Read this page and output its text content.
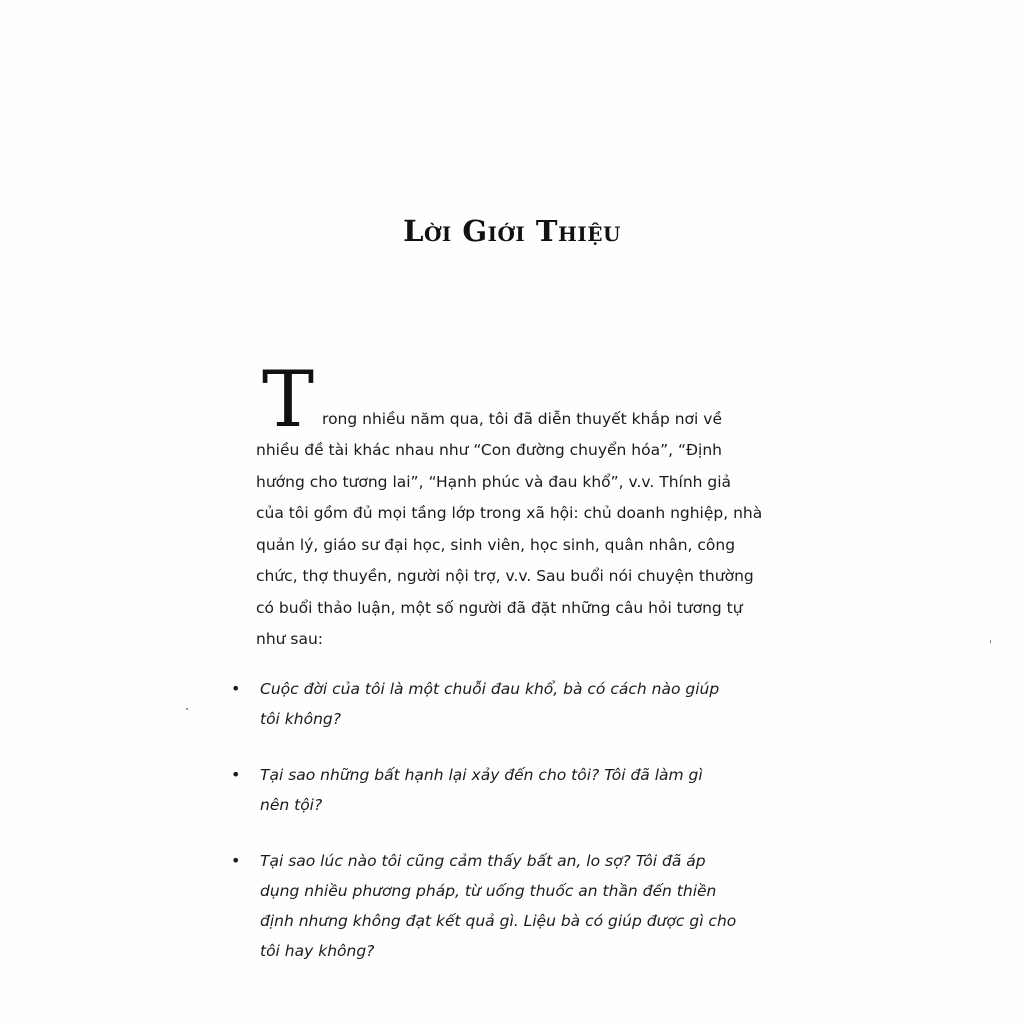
Lời Giới Thiệu

T rong nhiều năm qua, tôi đã diễn thuyết khắp nơi về
nhiều đề tài khác nhau như “Con đường chuyển hóa”, “Định
hướng cho tương lai”, “Hạnh phúc và đau khổ”, v.v. Thính giả
của tôi gồm đủ mọi tầng lớp trong xã hội: chủ doanh nghiệp, nhà
quản lý, giáo sư đại học, sinh viên, học sinh, quân nhân, công
chức, thợ thuyền, người nội trợ, v.v. Sau buổi nói chuyện thường
có buổi thảo luận, một số người đã đặt những câu hỏi tương tự
như sau:

• Cuộc đời của tôi là một chuỗi đau khổ, bà có cách nào giúp
tôi không?
• Tại sao những bất hạnh lại xảy đến cho tôi? Tôi đã làm gì
nên tội?
• Tại sao lúc nào tôi cũng cảm thấy bất an, lo sợ? Tôi đã áp
dụng nhiều phương pháp, từ uống thuốc an thần đến thiền
định nhưng không đạt kết quả gì. Liệu bà có giúp được gì cho
tôi hay không?
